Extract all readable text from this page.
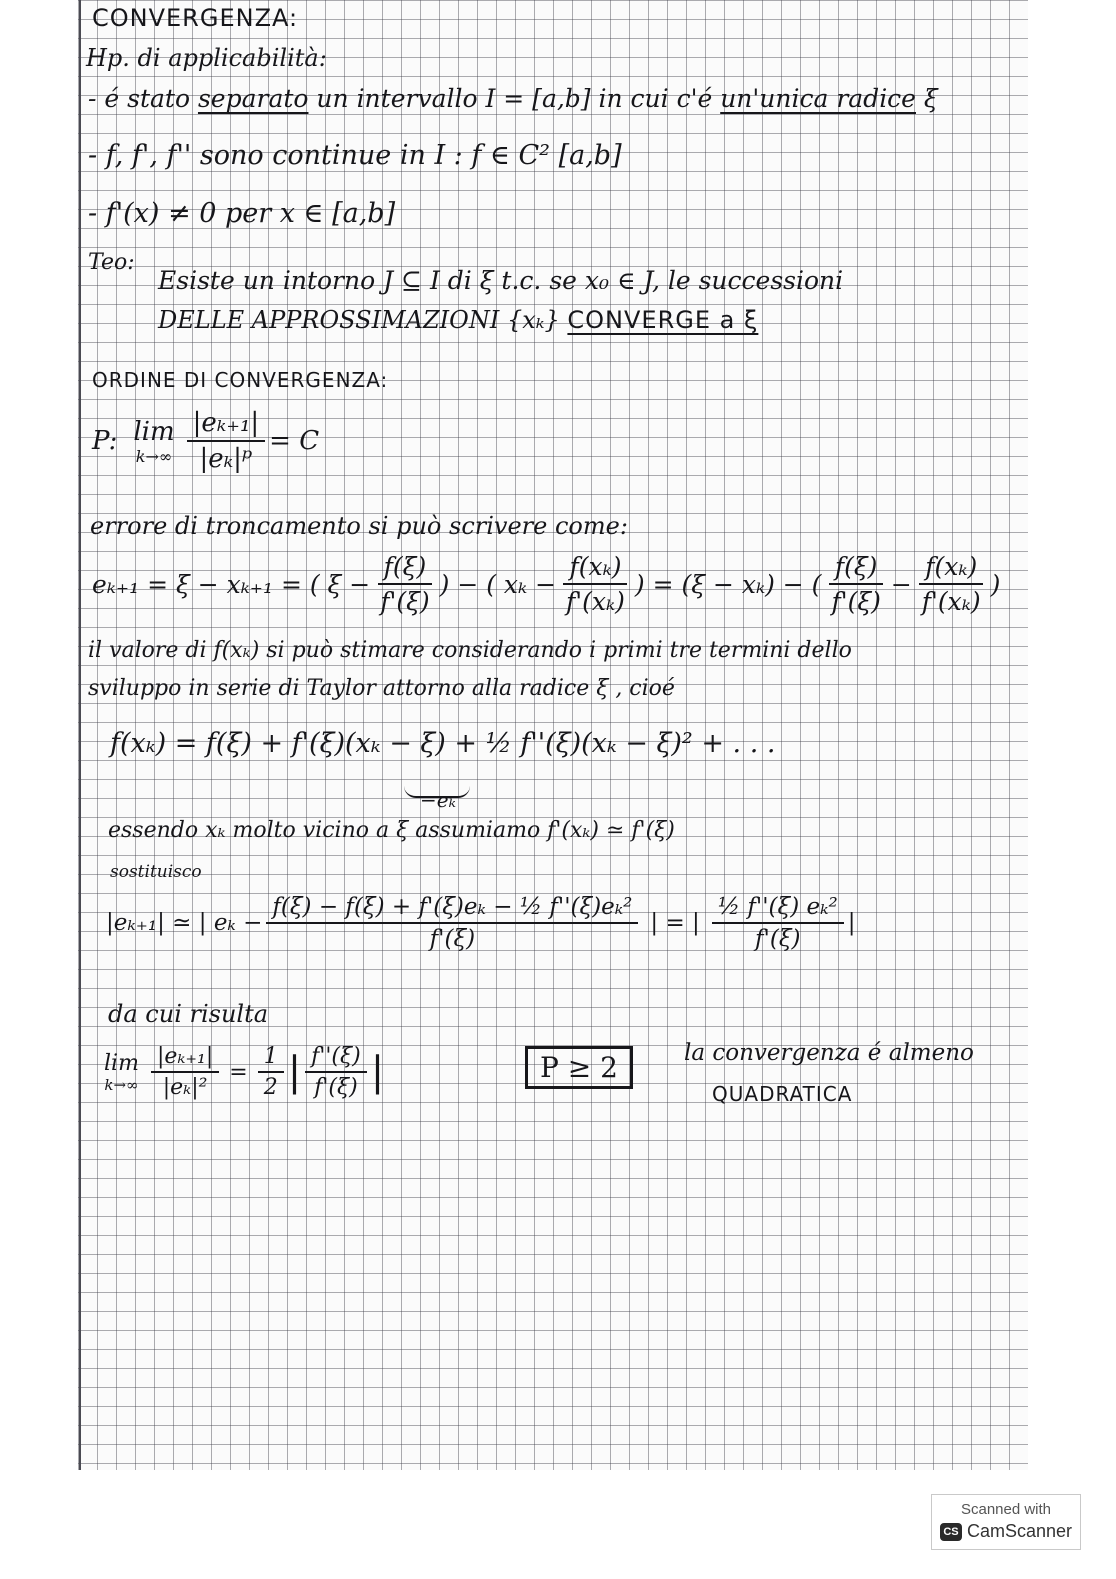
CONVERGENZA:
Hp. di applicabilità:
- é stato separato un intervallo I = [a,b] in cui c'é un'unica radice ξ
- f, f', f'' sono continue in I : f ∈ C² [a,b]
- f'(x) ≠ 0 per x ∈ [a,b]
Teo:
Esiste un intorno J ⊆ I di ξ t.c. se x₀ ∈ J, le successioni
DELLE APPROSSIMAZIONI {xₖ} CONVERGE a ξ
ORDINE DI CONVERGENZA:
P: lim
$k\to\infty \frac{\text{|eₖ₊₁|}}{\text{|eₖ|ᵖ}} = C$
errore di troncamento si può scrivere come:
eₖ₊₁ = ξ − xₖ₊₁ = ( $\xi - \frac{f(\xi)}{f'(\xi)}$ ) − ( $x_k - \frac{\text{f(xₖ)}}{\text{f'(xₖ)}}$ ) = (ξ − xₖ) − ( $\frac{f(\xi)}{f'(\xi)} - \frac{\text{f(xₖ)}}{\text{f'(xₖ)}}$ )
il valore di f(xₖ) si può stimare considerando i primi tre termini dello
sviluppo in serie di Taylor attorno alla radice ξ , cioé
f(xₖ) = f(ξ) + f'(ξ)(xₖ − ξ) + ½ f''(ξ)(xₖ − ξ)² + . . .
−eₖ
essendo xₖ molto vicino a ξ assumiamo f'(xₖ) ≃ f'(ξ)
sostituisco
|eₖ₊₁| ≃ | $e_k - \frac{\text{f(ξ) − f(ξ) + f'(ξ)eₖ − ½ f''(ξ)eₖ²}}{f'(\xi)}$ | = | $\frac{\text{½ f''(ξ) eₖ²}}{f'(\xi)}$ |
da cui risulta
lim
$k\to\infty \frac{\text{|eₖ₊₁|}}{\text{|eₖ|²}} = \frac{1}{2}$ | $\frac{f''(\xi)}{f'(\xi)}$ |	P ≥ 2	la convergenza é almeno
QUADRATICA
Scanned with
CS CamScanner
